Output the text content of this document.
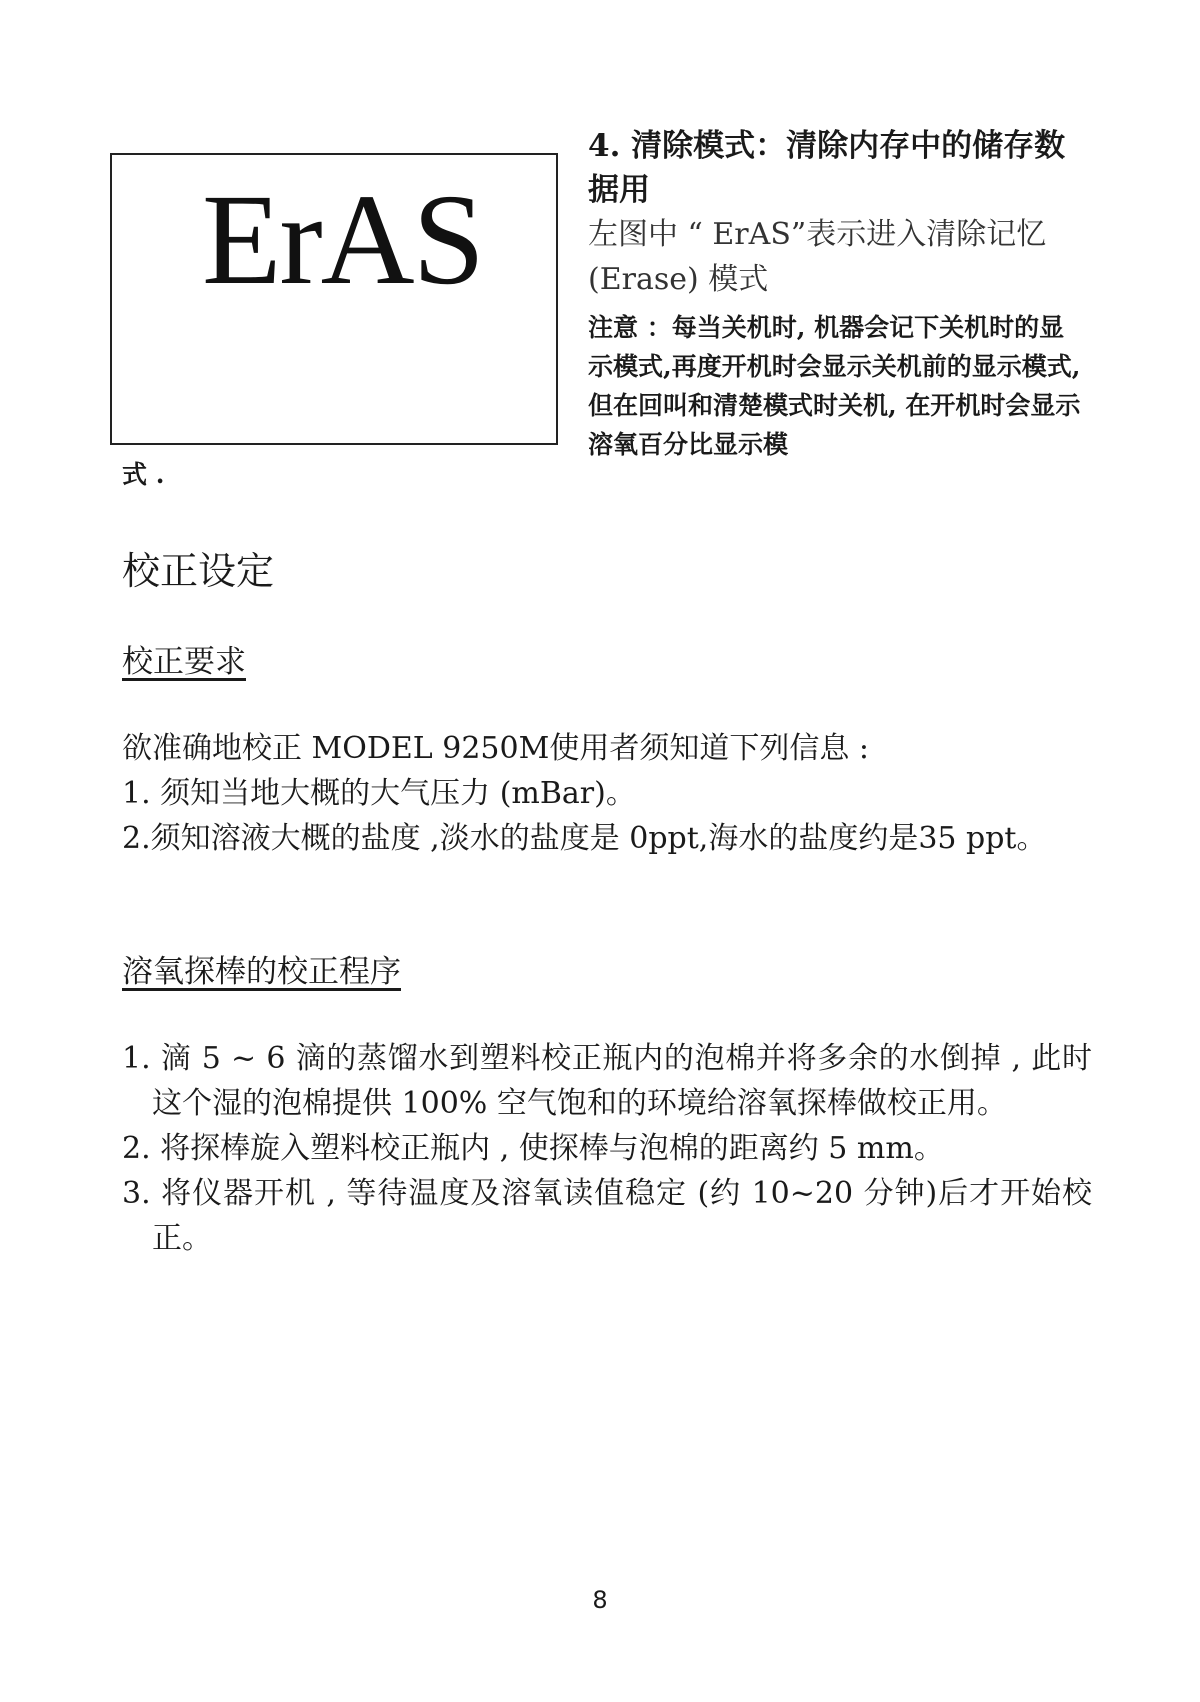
ErAS

4. 清除模式：清除内存中的储存数据用

左图中 “ ErAS”表示进入清除记忆 (Erase) 模式

注意 ：每当关机时, 机器会记下关机时的显示模式,再度开机时会显示关机前的显示模式, 但在回叫和清楚模式时关机, 在开机时会显示溶氧百分比显示模

式 .

校正设定
校正要求

欲准确地校正 MODEL 9250M使用者须知道下列信息 :

1. 须知当地大概的大气压力 (mBar)。

2.须知溶液大概的盐度 ,淡水的盐度是 0ppt,海水的盐度约是35 ppt。

溶氧探棒的校正程序

1. 滴 5 ~ 6 滴的蒸馏水到塑料校正瓶内的泡棉并将多余的水倒掉 , 此时这个湿的泡棉提供 100% 空气饱和的环境给溶氧探棒做校正用。

2. 将探棒旋入塑料校正瓶内 , 使探棒与泡棉的距离约 5 mm。

3. 将仪器开机 , 等待温度及溶氧读值稳定 (约 10~20 分钟)后才开始校正。

8
